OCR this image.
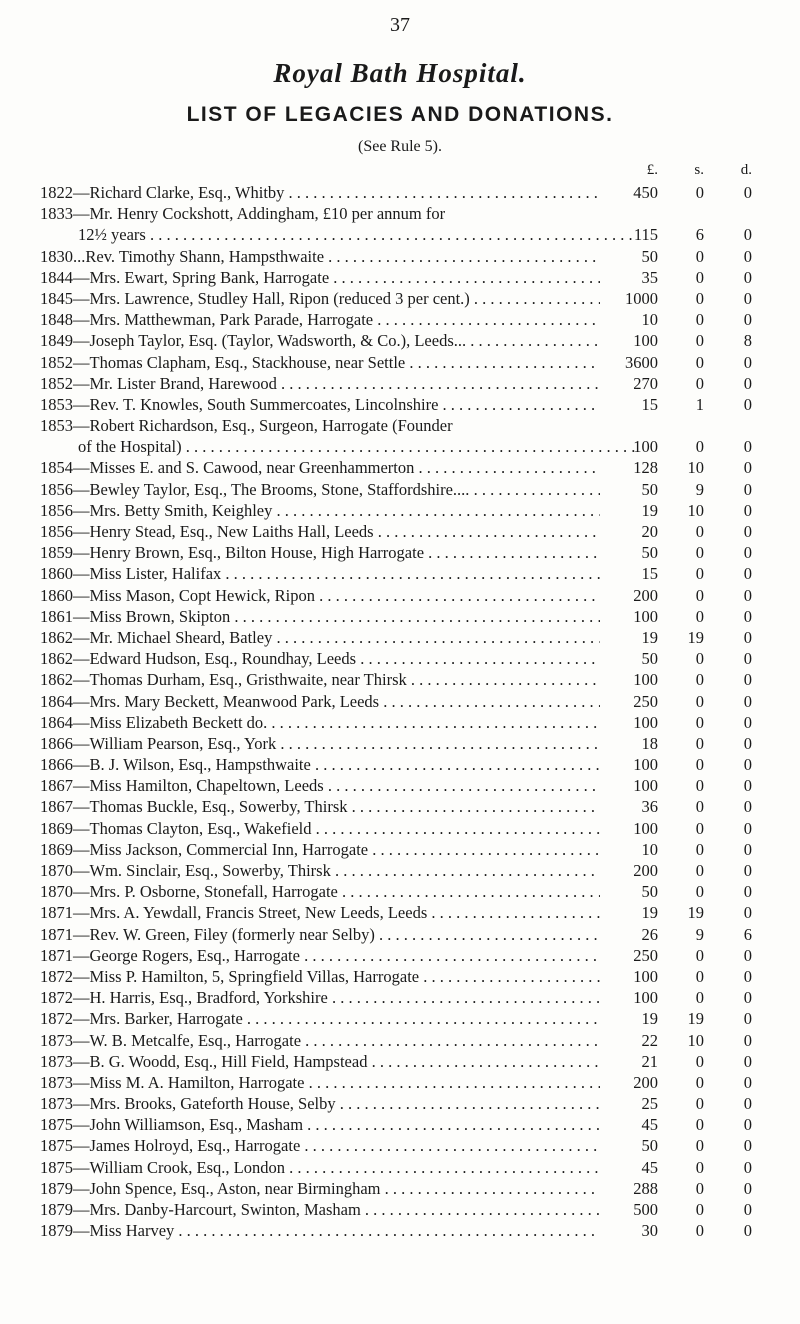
37
Royal Bath Hospital.
LIST OF LEGACIES AND DONATIONS.
(See Rule 5).
£.	s.	d.
1822—Richard Clarke, Esq., Whitby . . .	450	0	0
1833—Mr. Henry Cockshott, Addingham, £10 per annum for
12½ years . . .	115	6	0
1830...Rev. Timothy Shann, Hampsthwaite . . .	50	0	0
1844—Mrs. Ewart, Spring Bank, Harrogate . . .	35	0	0
1845—Mrs. Lawrence, Studley Hall, Ripon (reduced 3 per cent.) . . .	1000	0	0
1848—Mrs. Matthewman, Park Parade, Harrogate . . .	10	0	0
1849—Joseph Taylor, Esq. (Taylor, Wadsworth, & Co.), Leeds... . . .	100	0	8
1852—Thomas Clapham, Esq., Stackhouse, near Settle . . .	3600	0	0
1852—Mr. Lister Brand, Harewood . . .	270	0	0
1853—Rev. T. Knowles, South Summercoates, Lincolnshire . . .	15	1	0
1853—Robert Richardson, Esq., Surgeon, Harrogate (Founder
of the Hospital) . . .	100	0	0
1854—Misses E. and S. Cawood, near Greenhammerton . . .	128	10	0
1856—Bewley Taylor, Esq., The Brooms, Stone, Staffordshire.... . . .	50	9	0
1856—Mrs. Betty Smith, Keighley . . .	19	10	0
1856—Henry Stead, Esq., New Laiths Hall, Leeds . . .	20	0	0
1859—Henry Brown, Esq., Bilton House, High Harrogate . . .	50	0	0
1860—Miss Lister, Halifax . . .	15	0	0
1860—Miss Mason, Copt Hewick, Ripon . . .	200	0	0
1861—Miss Brown, Skipton . . .	100	0	0
1862—Mr. Michael Sheard, Batley . . .	19	19	0
1862—Edward Hudson, Esq., Roundhay, Leeds . . .	50	0	0
1862—Thomas Durham, Esq., Gristhwaite, near Thirsk . . .	100	0	0
1864—Mrs. Mary Beckett, Meanwood Park, Leeds . . .	250	0	0
1864—Miss Elizabeth Beckett do. . . .	100	0	0
1866—William Pearson, Esq., York . . .	18	0	0
1866—B. J. Wilson, Esq., Hampsthwaite . . .	100	0	0
1867—Miss Hamilton, Chapeltown, Leeds . . .	100	0	0
1867—Thomas Buckle, Esq., Sowerby, Thirsk . . .	36	0	0
1869—Thomas Clayton, Esq., Wakefield . . .	100	0	0
1869—Miss Jackson, Commercial Inn, Harrogate . . .	10	0	0
1870—Wm. Sinclair, Esq., Sowerby, Thirsk . . .	200	0	0
1870—Mrs. P. Osborne, Stonefall, Harrogate . . .	50	0	0
1871—Mrs. A. Yewdall, Francis Street, New Leeds, Leeds . . .	19	19	0
1871—Rev. W. Green, Filey (formerly near Selby) . . .	26	9	6
1871—George Rogers, Esq., Harrogate . . .	250	0	0
1872—Miss P. Hamilton, 5, Springfield Villas, Harrogate . . .	100	0	0
1872—H. Harris, Esq., Bradford, Yorkshire . . .	100	0	0
1872—Mrs. Barker, Harrogate . . .	19	19	0
1873—W. B. Metcalfe, Esq., Harrogate . . .	22	10	0
1873—B. G. Woodd, Esq., Hill Field, Hampstead . . .	21	0	0
1873—Miss M. A. Hamilton, Harrogate . . .	200	0	0
1873—Mrs. Brooks, Gateforth House, Selby . . .	25	0	0
1875—John Williamson, Esq., Masham . . .	45	0	0
1875—James Holroyd, Esq., Harrogate . . .	50	0	0
1875—William Crook, Esq., London . . .	45	0	0
1879—John Spence, Esq., Aston, near Birmingham . . .	288	0	0
1879—Mrs. Danby-Harcourt, Swinton, Masham . . .	500	0	0
1879—Miss Harvey . . .	30	0	0
